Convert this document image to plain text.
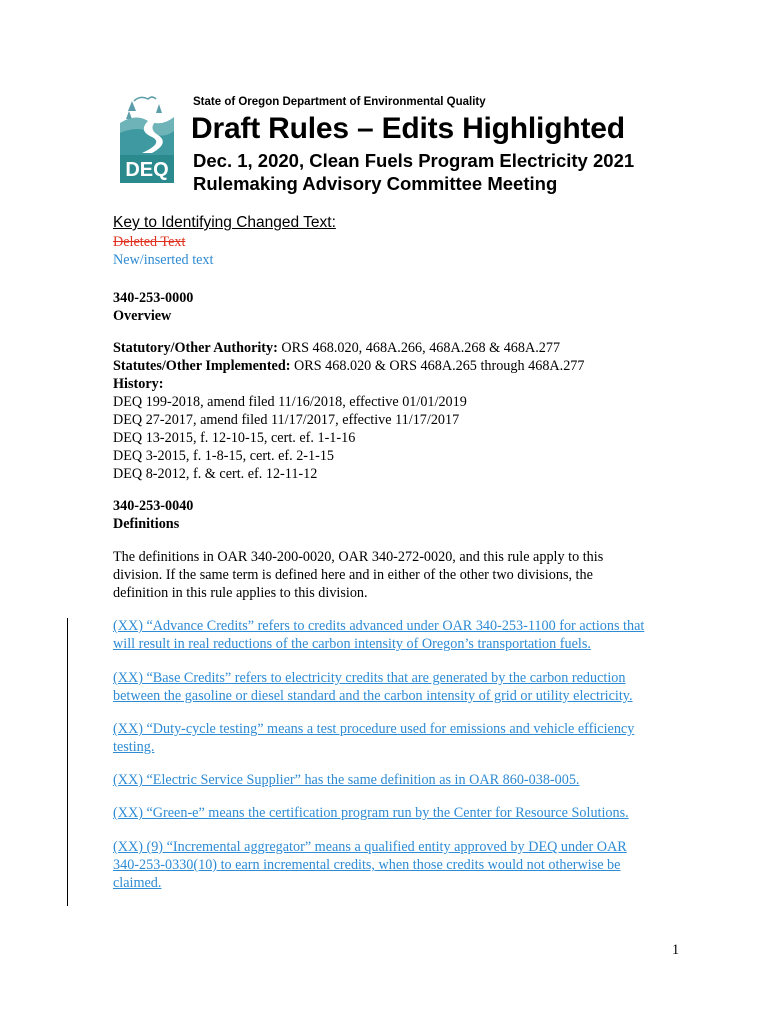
DEQ
State of Oregon Department of Environmental Quality
Draft Rules – Edits Highlighted
Dec. 1, 2020, Clean Fuels Program Electricity 2021
Rulemaking Advisory Committee Meeting
Key to Identifying Changed Text:
Deleted Text
New/inserted text
340-253-0000
Overview
Statutory/Other Authority: ORS 468.020, 468A.266, 468A.268 & 468A.277
Statutes/Other Implemented: ORS 468.020 & ORS 468A.265 through 468A.277
History:
DEQ 199-2018, amend filed 11/16/2018, effective 01/01/2019
DEQ 27-2017, amend filed 11/17/2017, effective 11/17/2017
DEQ 13-2015, f. 12-10-15, cert. ef. 1-1-16
DEQ 3-2015, f. 1-8-15, cert. ef. 2-1-15
DEQ 8-2012, f. & cert. ef. 12-11-12
340-253-0040
Definitions
The definitions in OAR 340-200-0020, OAR 340-272-0020, and this rule apply to this
division. If the same term is defined here and in either of the other two divisions, the
definition in this rule applies to this division.
(XX) “Advance Credits” refers to credits advanced under OAR 340-253-1100 for actions that
will result in real reductions of the carbon intensity of Oregon’s transportation fuels.
(XX) “Base Credits” refers to electricity credits that are generated by the carbon reduction
between the gasoline or diesel standard and the carbon intensity of grid or utility electricity.
(XX) “Duty-cycle testing” means a test procedure used for emissions and vehicle efficiency
testing.
(XX) “Electric Service Supplier” has the same definition as in OAR 860-038-005.
(XX) “Green-e” means the certification program run by the Center for Resource Solutions.
(XX) (9) “Incremental aggregator” means a qualified entity approved by DEQ under OAR
340-253-0330(10) to earn incremental credits, when those credits would not otherwise be
claimed.
1
